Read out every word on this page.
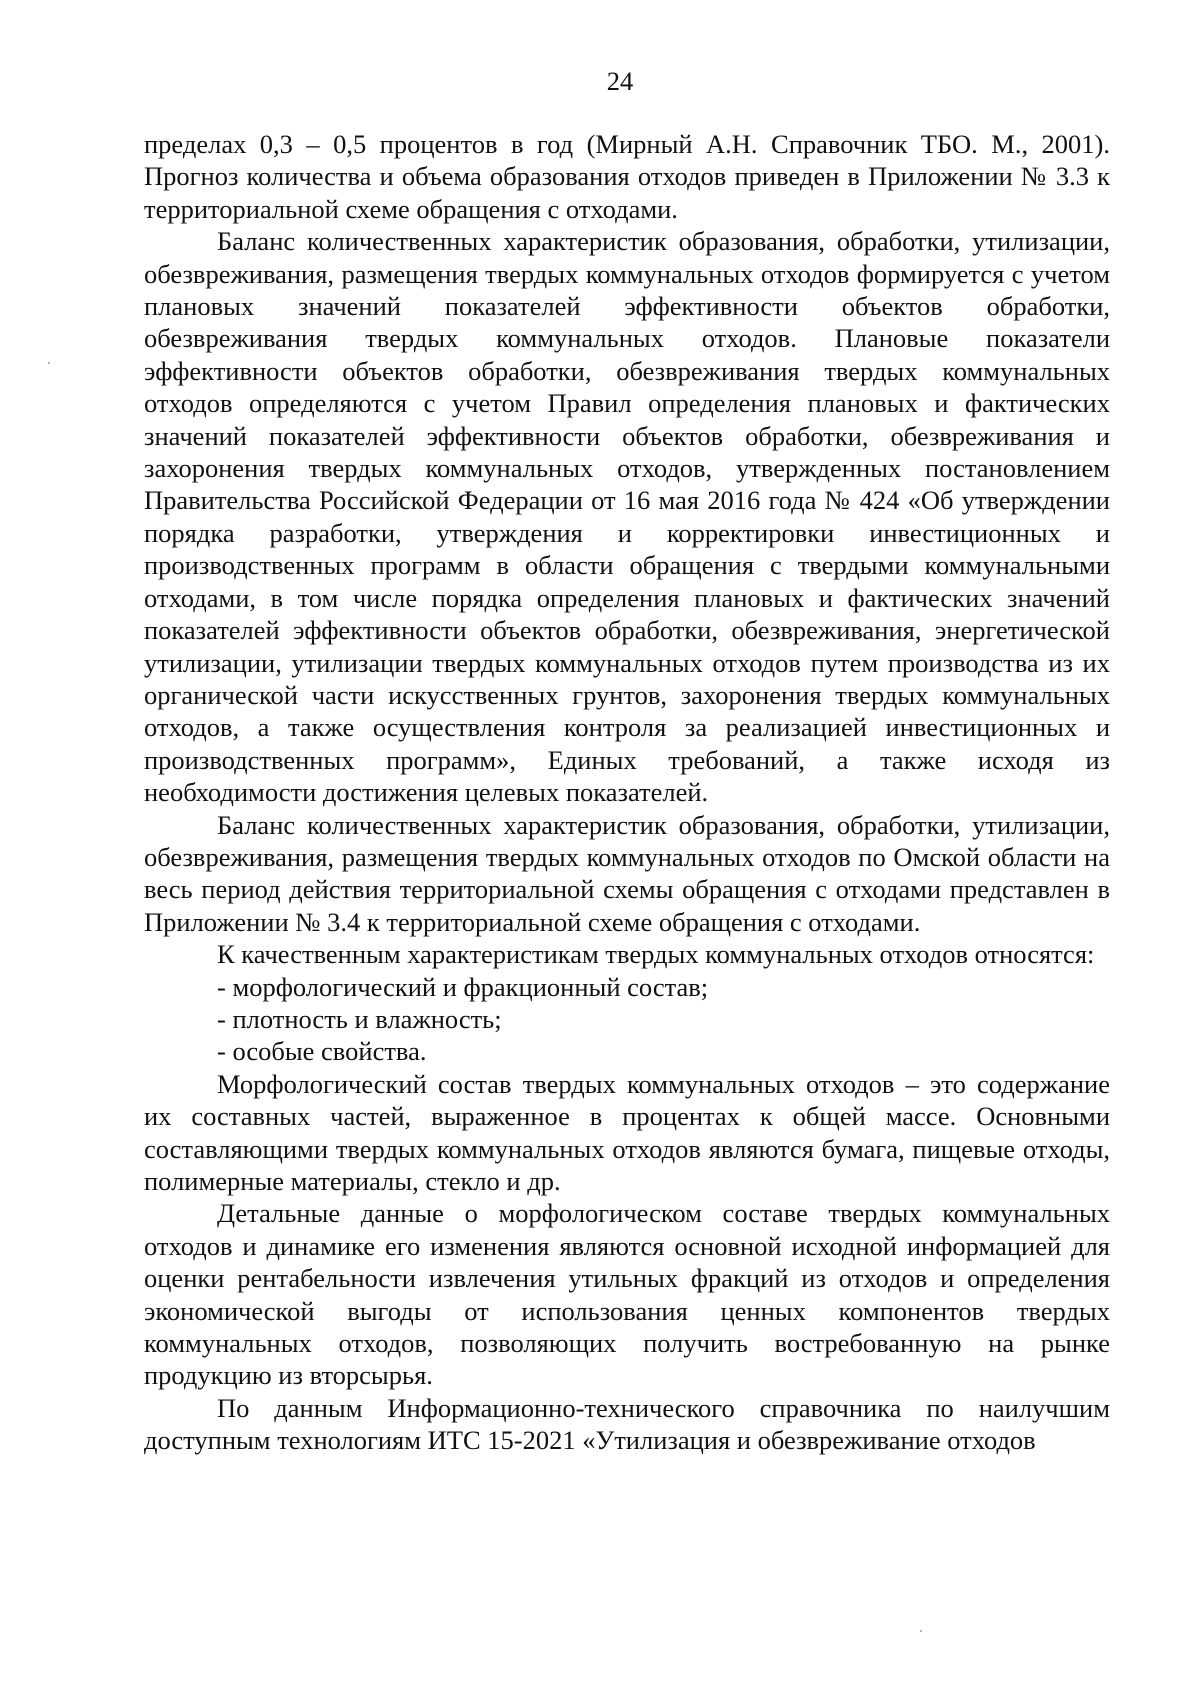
24

пределах 0,3 – 0,5 процентов в год (Мирный А.Н. Справочник ТБО. М., 2001). Прогноз количества и объема образования отходов приведен в Приложении № 3.3 к территориальной схеме обращения с отходами.

Баланс количественных характеристик образования, обработки, утилизации, обезвреживания, размещения твердых коммунальных отходов формируется с учетом плановых значений показателей эффективности объектов обработки, обезвреживания твердых коммунальных отходов. Плановые показатели эффективности объектов обработки, обезвреживания твердых коммунальных отходов определяются с учетом Правил определения плановых и фактических значений показателей эффективности объектов обработки, обезвреживания и захоронения твердых коммунальных отходов, утвержденных постановлением Правительства Российской Федерации от 16 мая 2016 года № 424 «Об утверждении порядка разработки, утверждения и корректировки инвестиционных и производственных программ в области обращения с твердыми коммунальными отходами, в том числе порядка определения плановых и фактических значений показателей эффективности объектов обработки, обезвреживания, энергетической утилизации, утилизации твердых коммунальных отходов путем производства из их органической части искусственных грунтов, захоронения твердых коммунальных отходов, а также осуществления контроля за реализацией инвестиционных и производственных программ», Единых требований, а также исходя из необходимости достижения целевых показателей.

Баланс количественных характеристик образования, обработки, утилизации, обезвреживания, размещения твердых коммунальных отходов по Омской области на весь период действия территориальной схемы обращения с отходами представлен в Приложении № 3.4 к территориальной схеме обращения с отходами.

К качественным характеристикам твердых коммунальных отходов относятся:

- морфологический и фракционный состав;
- плотность и влажность;
- особые свойства.

Морфологический состав твердых коммунальных отходов – это содержание их составных частей, выраженное в процентах к общей массе. Основными составляющими твердых коммунальных отходов являются бумага, пищевые отходы, полимерные материалы, стекло и др.

Детальные данные о морфологическом составе твердых коммунальных отходов и динамике его изменения являются основной исходной информацией для оценки рентабельности извлечения утильных фракций из отходов и определения экономической выгоды от использования ценных компонентов твердых коммунальных отходов, позволяющих получить востребованную на рынке продукцию из вторсырья.

По данным Информационно-технического справочника по наилучшим доступным технологиям ИТС 15-2021 «Утилизация и обезвреживание отходов
